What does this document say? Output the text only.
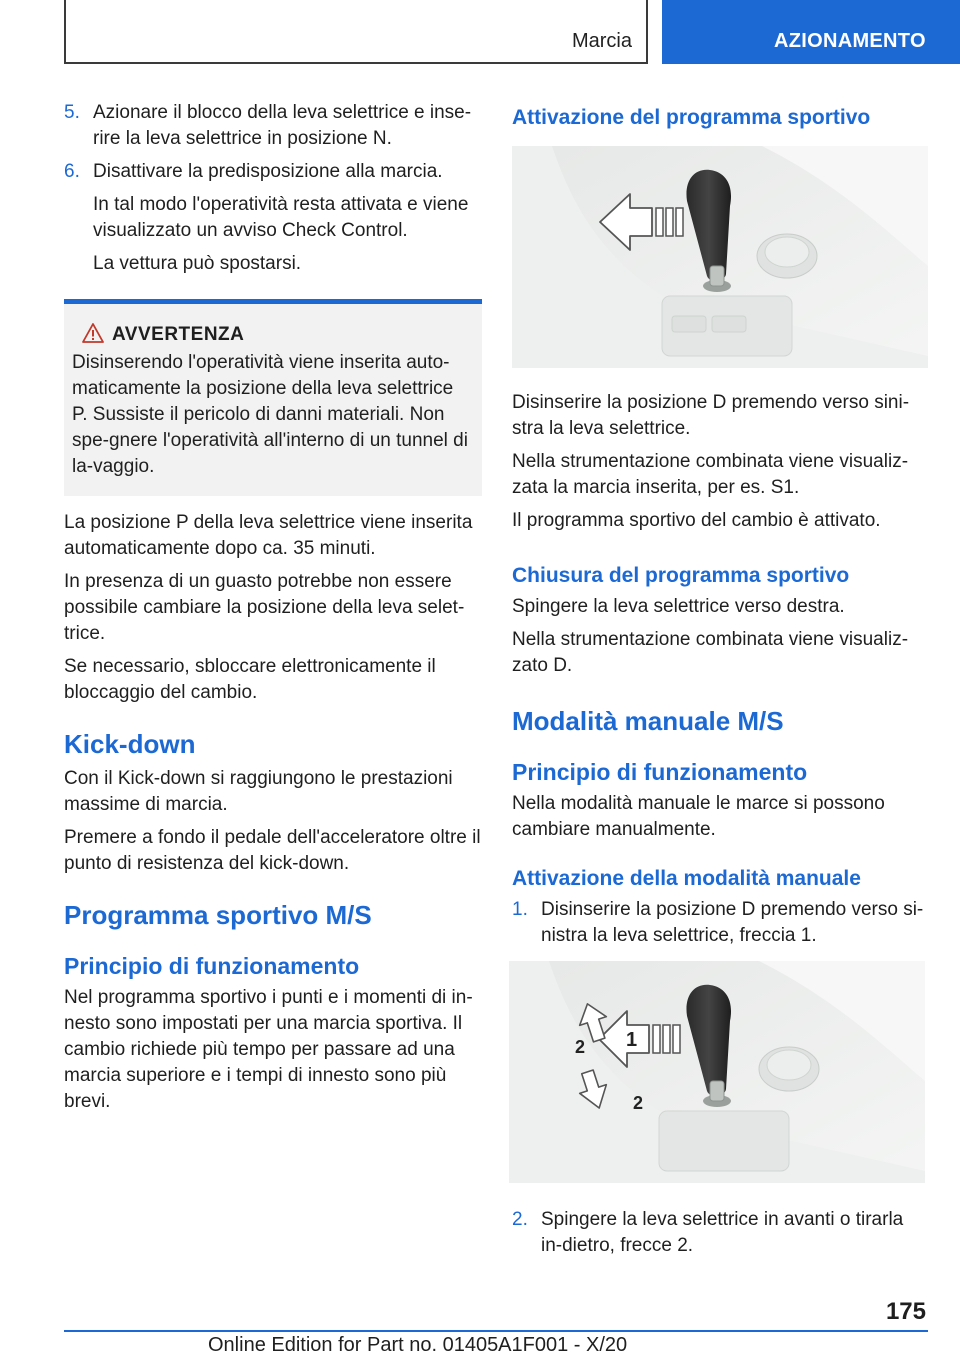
Marcia	AZIONAMENTO
5. Azionare il blocco della leva selettrice e inse-rire la leva selettrice in posizione N.
6. Disattivare la predisposizione alla marcia.

In tal modo l'operatività resta attivata e viene visualizzato un avviso Check Control.

La vettura può spostarsi.

AVVERTENZA
Disinserendo l'operatività viene inserita auto-maticamente la posizione della leva selettrice P. Sussiste il pericolo di danni materiali. Non spe-gnere l'operatività all'interno di un tunnel di la-vaggio.

La posizione P della leva selettrice viene inserita automaticamente dopo ca. 35 minuti.

In presenza di un guasto potrebbe non essere possibile cambiare la posizione della leva selet-trice.

Se necessario, sbloccare elettronicamente il bloccaggio del cambio.

Kick-down

Con il Kick-down si raggiungono le prestazioni massime di marcia.

Premere a fondo il pedale dell'acceleratore oltre il punto di resistenza del kick-down.

Programma sportivo M/S
Principio di funzionamento

Nel programma sportivo i punti e i momenti di in-nesto sono impostati per una marcia sportiva. Il cambio richiede più tempo per passare ad una marcia superiore e i tempi di innesto sono più brevi.

Attivazione del programma sportivo

Disinserire la posizione D premendo verso sini-stra la leva selettrice.

Nella strumentazione combinata viene visualiz-zata la marcia inserita, per es. S1.

Il programma sportivo del cambio è attivato.

Chiusura del programma sportivo

Spingere la leva selettrice verso destra.

Nella strumentazione combinata viene visualiz-zato D.

Modalità manuale M/S
Principio di funzionamento

Nella modalità manuale le marce si possono cambiare manualmente.

Attivazione della modalità manuale
1. Disinserire la posizione D premendo verso si-nistra la leva selettrice, freccia 1.
1
2
2
2. Spingere la leva selettrice in avanti o tirarla in-dietro, frecce 2.
175
Online Edition for Part no. 01405A1F001 - X/20
